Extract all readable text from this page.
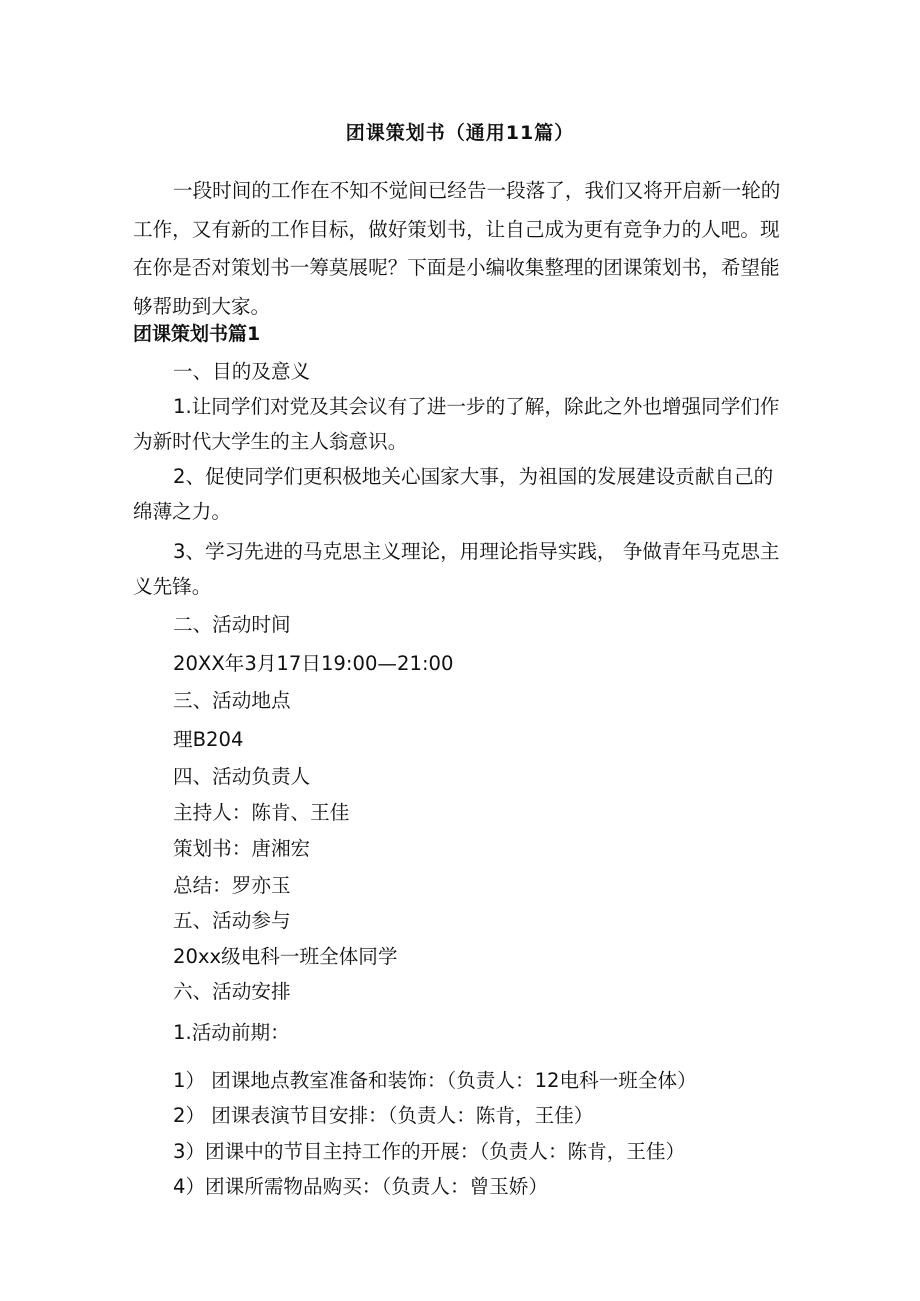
团课策划书（通用11篇）
一段时间的工作在不知不觉间已经告一段落了，我们又将开启新一轮的
工作，又有新的工作目标，做好策划书，让自己成为更有竞争力的人吧。现
在你是否对策划书一筹莫展呢？下面是小编收集整理的团课策划书，希望能
够帮助到大家。
团课策划书篇1
一、目的及意义
1.让同学们对党及其会议有了进一步的了解，除此之外也增强同学们作
为新时代大学生的主人翁意识。
2、促使同学们更积极地关心国家大事，为祖国的发展建设贡献自己的
绵薄之力。
3、学习先进的马克思主义理论，用理论指导实践， 争做青年马克思主
义先锋。
二、活动时间
20XX年3月17日19:00—21:00
三、活动地点
理B204
四、活动负责人
主持人：陈肯、王佳
策划书：唐湘宏
总结：罗亦玉
五、活动参与
20xx级电科一班全体同学
六、活动安排
1.活动前期：
1） 团课地点教室准备和装饰：（负责人：12电科一班全体）
2） 团课表演节目安排：（负责人：陈肯，王佳）
3）团课中的节目主持工作的开展：（负责人：陈肯，王佳）
4）团课所需物品购买：（负责人：曾玉娇）
